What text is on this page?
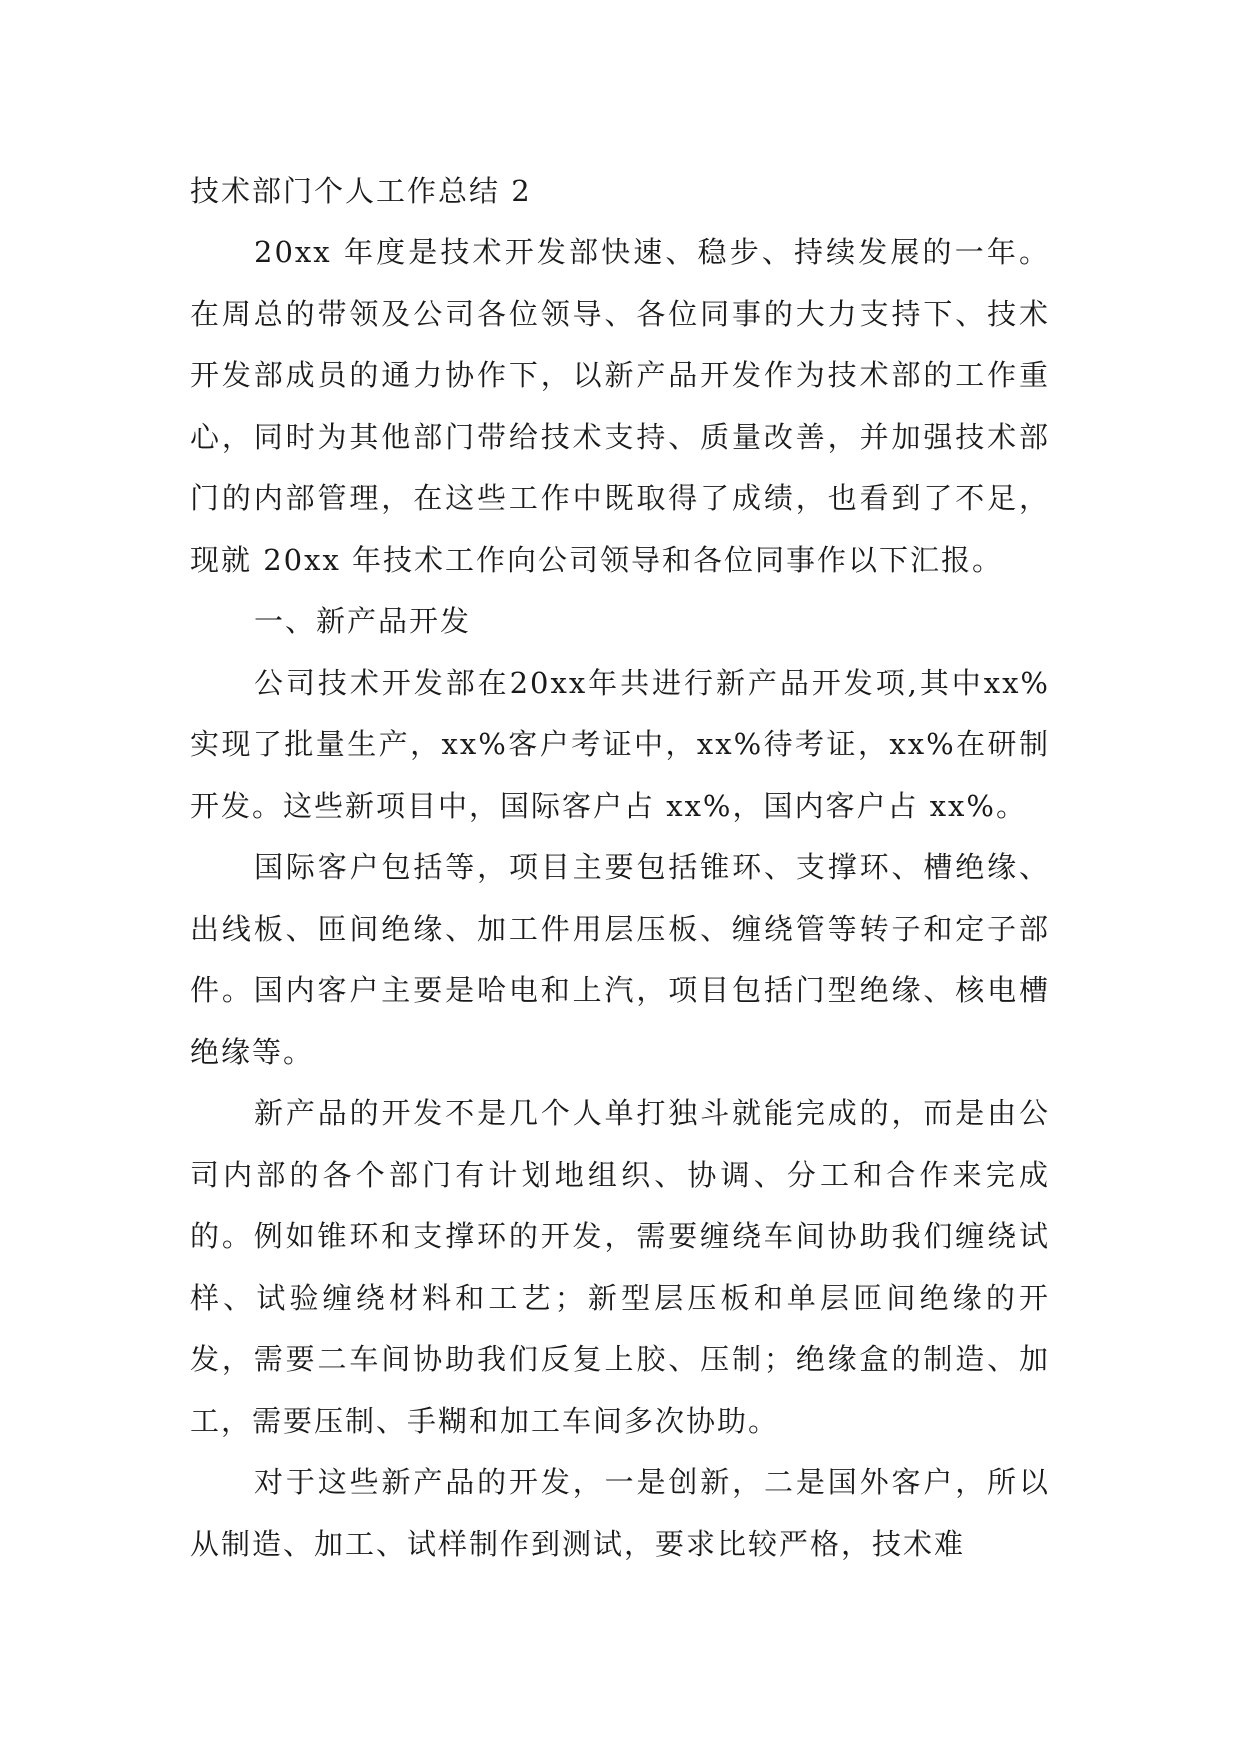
技术部门个人工作总结 2

20xx 年度是技术开发部快速、稳步、持续发展的一年。在周总的带领及公司各位领导、各位同事的大力支持下、技术开发部成员的通力协作下，以新产品开发作为技术部的工作重心，同时为其他部门带给技术支持、质量改善，并加强技术部门的内部管理，在这些工作中既取得了成绩，也看到了不足，现就 20xx 年技术工作向公司领导和各位同事作以下汇报。

一、新产品开发

公司技术开发部在20xx年共进行新产品开发项,其中xx%实现了批量生产，xx%客户考证中，xx%待考证，xx%在研制开发。这些新项目中，国际客户占 xx%，国内客户占 xx%。

国际客户包括等，项目主要包括锥环、支撑环、槽绝缘、出线板、匝间绝缘、加工件用层压板、缠绕管等转子和定子部件。国内客户主要是哈电和上汽，项目包括门型绝缘、核电槽绝缘等。

新产品的开发不是几个人单打独斗就能完成的，而是由公司内部的各个部门有计划地组织、协调、分工和合作来完成的。例如锥环和支撑环的开发，需要缠绕车间协助我们缠绕试样、试验缠绕材料和工艺；新型层压板和单层匝间绝缘的开发，需要二车间协助我们反复上胶、压制；绝缘盒的制造、加工，需要压制、手糊和加工车间多次协助。

对于这些新产品的开发，一是创新，二是国外客户，所以从制造、加工、试样制作到测试，要求比较严格，技术难
